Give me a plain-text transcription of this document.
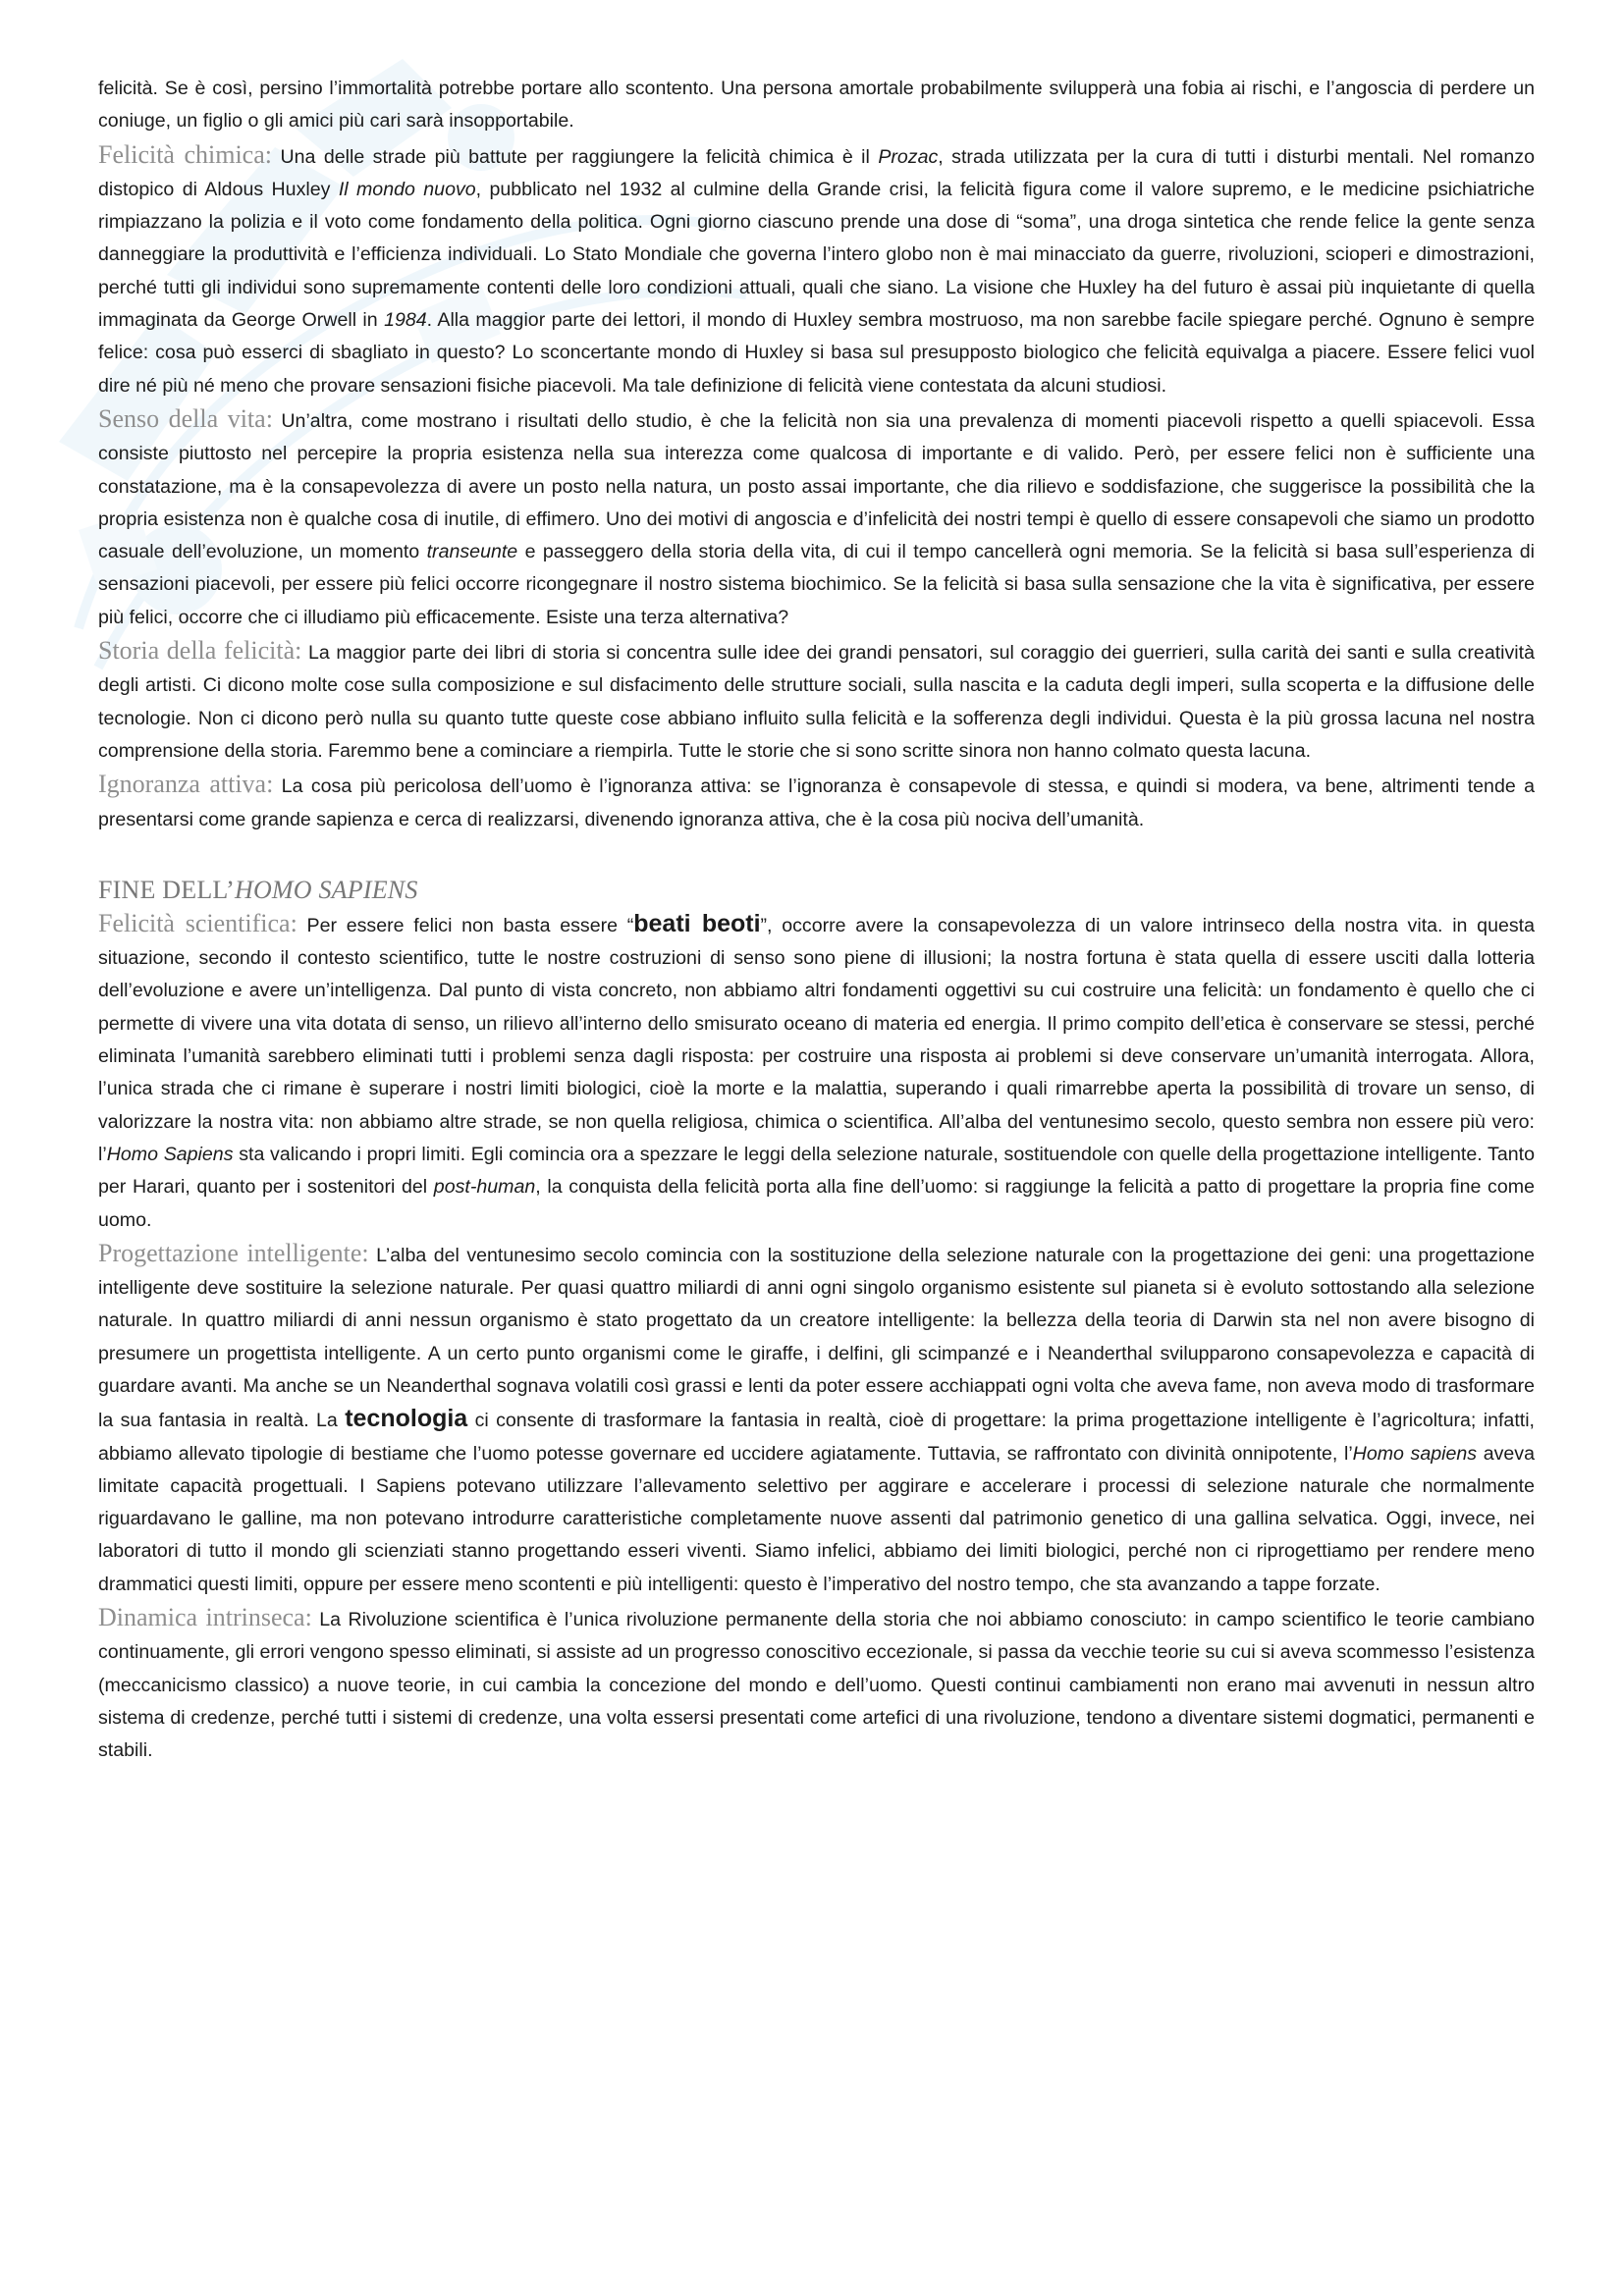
felicità. Se è così, persino l’immortalità potrebbe portare allo scontento. Una persona amortale probabilmente svilupperà una fobia ai rischi, e l’angoscia di perdere un coniuge, un figlio o gli amici più cari sarà insopportabile.

Felicità chimica: Una delle strade più battute per raggiungere la felicità chimica è il Prozac, strada utilizzata per la cura di tutti i disturbi mentali. Nel romanzo distopico di Aldous Huxley Il mondo nuovo, pubblicato nel 1932 al culmine della Grande crisi, la felicità figura come il valore supremo, e le medicine psichiatriche rimpiazzano la polizia e il voto come fondamento della politica. Ogni giorno ciascuno prende una dose di “soma”, una droga sintetica che rende felice la gente senza danneggiare la produttività e l’efficienza individuali. Lo Stato Mondiale che governa l’intero globo non è mai minacciato da guerre, rivoluzioni, scioperi e dimostrazioni, perché tutti gli individui sono supremamente contenti delle loro condizioni attuali, quali che siano. La visione che Huxley ha del futuro è assai più inquietante di quella immaginata da George Orwell in 1984. Alla maggior parte dei lettori, il mondo di Huxley sembra mostruoso, ma non sarebbe facile spiegare perché. Ognuno è sempre felice: cosa può esserci di sbagliato in questo? Lo sconcertante mondo di Huxley si basa sul presupposto biologico che felicità equivalga a piacere. Essere felici vuol dire né più né meno che provare sensazioni fisiche piacevoli. Ma tale definizione di felicità viene contestata da alcuni studiosi.

Senso della vita: Un’altra, come mostrano i risultati dello studio, è che la felicità non sia una prevalenza di momenti piacevoli rispetto a quelli spiacevoli. Essa consiste piuttosto nel percepire la propria esistenza nella sua interezza come qualcosa di importante e di valido. Però, per essere felici non è sufficiente una constatazione, ma è la consapevolezza di avere un posto nella natura, un posto assai importante, che dia rilievo e soddisfazione, che suggerisce la possibilità che la propria esistenza non è qualche cosa di inutile, di effimero. Uno dei motivi di angoscia e d’infelicità dei nostri tempi è quello di essere consapevoli che siamo un prodotto casuale dell’evoluzione, un momento transeunte e passeggero della storia della vita, di cui il tempo cancellerà ogni memoria. Se la felicità si basa sull’esperienza di sensazioni piacevoli, per essere più felici occorre ricongegnare il nostro sistema biochimico. Se la felicità si basa sulla sensazione che la vita è significativa, per essere più felici, occorre che ci illudiamo più efficacemente. Esiste una terza alternativa?

Storia della felicità: La maggior parte dei libri di storia si concentra sulle idee dei grandi pensatori, sul coraggio dei guerrieri, sulla carità dei santi e sulla creatività degli artisti. Ci dicono molte cose sulla composizione e sul disfacimento delle strutture sociali, sulla nascita e la caduta degli imperi, sulla scoperta e la diffusione delle tecnologie. Non ci dicono però nulla su quanto tutte queste cose abbiano influito sulla felicità e la sofferenza degli individui. Questa è la più grossa lacuna nel nostra comprensione della storia. Faremmo bene a cominciare a riempirla. Tutte le storie che si sono scritte sinora non hanno colmato questa lacuna.

Ignoranza attiva: La cosa più pericolosa dell’uomo è l’ignoranza attiva: se l’ignoranza è consapevole di stessa, e quindi si modera, va bene, altrimenti tende a presentarsi come grande sapienza e cerca di realizzarsi, divenendo ignoranza attiva, che è la cosa più nociva dell’umanità.

FINE DELL’HOMO SAPIENS

Felicità scientifica: Per essere felici non basta essere “beati beoti”, occorre avere la consapevolezza di un valore intrinseco della nostra vita. in questa situazione, secondo il contesto scientifico, tutte le nostre costruzioni di senso sono piene di illusioni; la nostra fortuna è stata quella di essere usciti dalla lotteria dell’evoluzione e avere un’intelligenza. Dal punto di vista concreto, non abbiamo altri fondamenti oggettivi su cui costruire una felicità: un fondamento è quello che ci permette di vivere una vita dotata di senso, un rilievo all’interno dello smisurato oceano di materia ed energia. Il primo compito dell’etica è conservare se stessi, perché eliminata l’umanità sarebbero eliminati tutti i problemi senza dagli risposta: per costruire una risposta ai problemi si deve conservare un’umanità interrogata. Allora, l’unica strada che ci rimane è superare i nostri limiti biologici, cioè la morte e la malattia, superando i quali rimarrebbe aperta la possibilità di trovare un senso, di valorizzare la nostra vita: non abbiamo altre strade, se non quella religiosa, chimica o scientifica. All’alba del ventunesimo secolo, questo sembra non essere più vero: l’Homo Sapiens sta valicando i propri limiti. Egli comincia ora a spezzare le leggi della selezione naturale, sostituendole con quelle della progettazione intelligente. Tanto per Harari, quanto per i sostenitori del post-human, la conquista della felicità porta alla fine dell’uomo: si raggiunge la felicità a patto di progettare la propria fine come uomo.

Progettazione intelligente: L’alba del ventunesimo secolo comincia con la sostituzione della selezione naturale con la progettazione dei geni: una progettazione intelligente deve sostituire la selezione naturale. Per quasi quattro miliardi di anni ogni singolo organismo esistente sul pianeta si è evoluto sottostando alla selezione naturale. In quattro miliardi di anni nessun organismo è stato progettato da un creatore intelligente: la bellezza della teoria di Darwin sta nel non avere bisogno di presumere un progettista intelligente. A un certo punto organismi come le giraffe, i delfini, gli scimpanzé e i Neanderthal svilupparono consapevolezza e capacità di guardare avanti. Ma anche se un Neanderthal sognava volatili così grassi e lenti da poter essere acchiappati ogni volta che aveva fame, non aveva modo di trasformare la sua fantasia in realtà. La tecnologia ci consente di trasformare la fantasia in realtà, cioè di progettare: la prima progettazione intelligente è l’agricoltura; infatti, abbiamo allevato tipologie di bestiame che l’uomo potesse governare ed uccidere agiatamente. Tuttavia, se raffrontato con divinità onnipotente, l’Homo sapiens aveva limitate capacità progettuali. I Sapiens potevano utilizzare l’allevamento selettivo per aggirare e accelerare i processi di selezione naturale che normalmente riguardavano le galline, ma non potevano introdurre caratteristiche completamente nuove assenti dal patrimonio genetico di una gallina selvatica. Oggi, invece, nei laboratori di tutto il mondo gli scienziati stanno progettando esseri viventi. Siamo infelici, abbiamo dei limiti biologici, perché non ci riprogettiamo per rendere meno drammatici questi limiti, oppure per essere meno scontenti e più intelligenti: questo è l’imperativo del nostro tempo, che sta avanzando a tappe forzate.

Dinamica intrinseca: La Rivoluzione scientifica è l’unica rivoluzione permanente della storia che noi abbiamo conosciuto: in campo scientifico le teorie cambiano continuamente, gli errori vengono spesso eliminati, si assiste ad un progresso conoscitivo eccezionale, si passa da vecchie teorie su cui si aveva scommesso l’esistenza (meccanicismo classico) a nuove teorie, in cui cambia la concezione del mondo e dell’uomo. Questi continui cambiamenti non erano mai avvenuti in nessun altro sistema di credenze, perché tutti i sistemi di credenze, una volta essersi presentati come artefici di una rivoluzione, tendono a diventare sistemi dogmatici, permanenti e stabili.
